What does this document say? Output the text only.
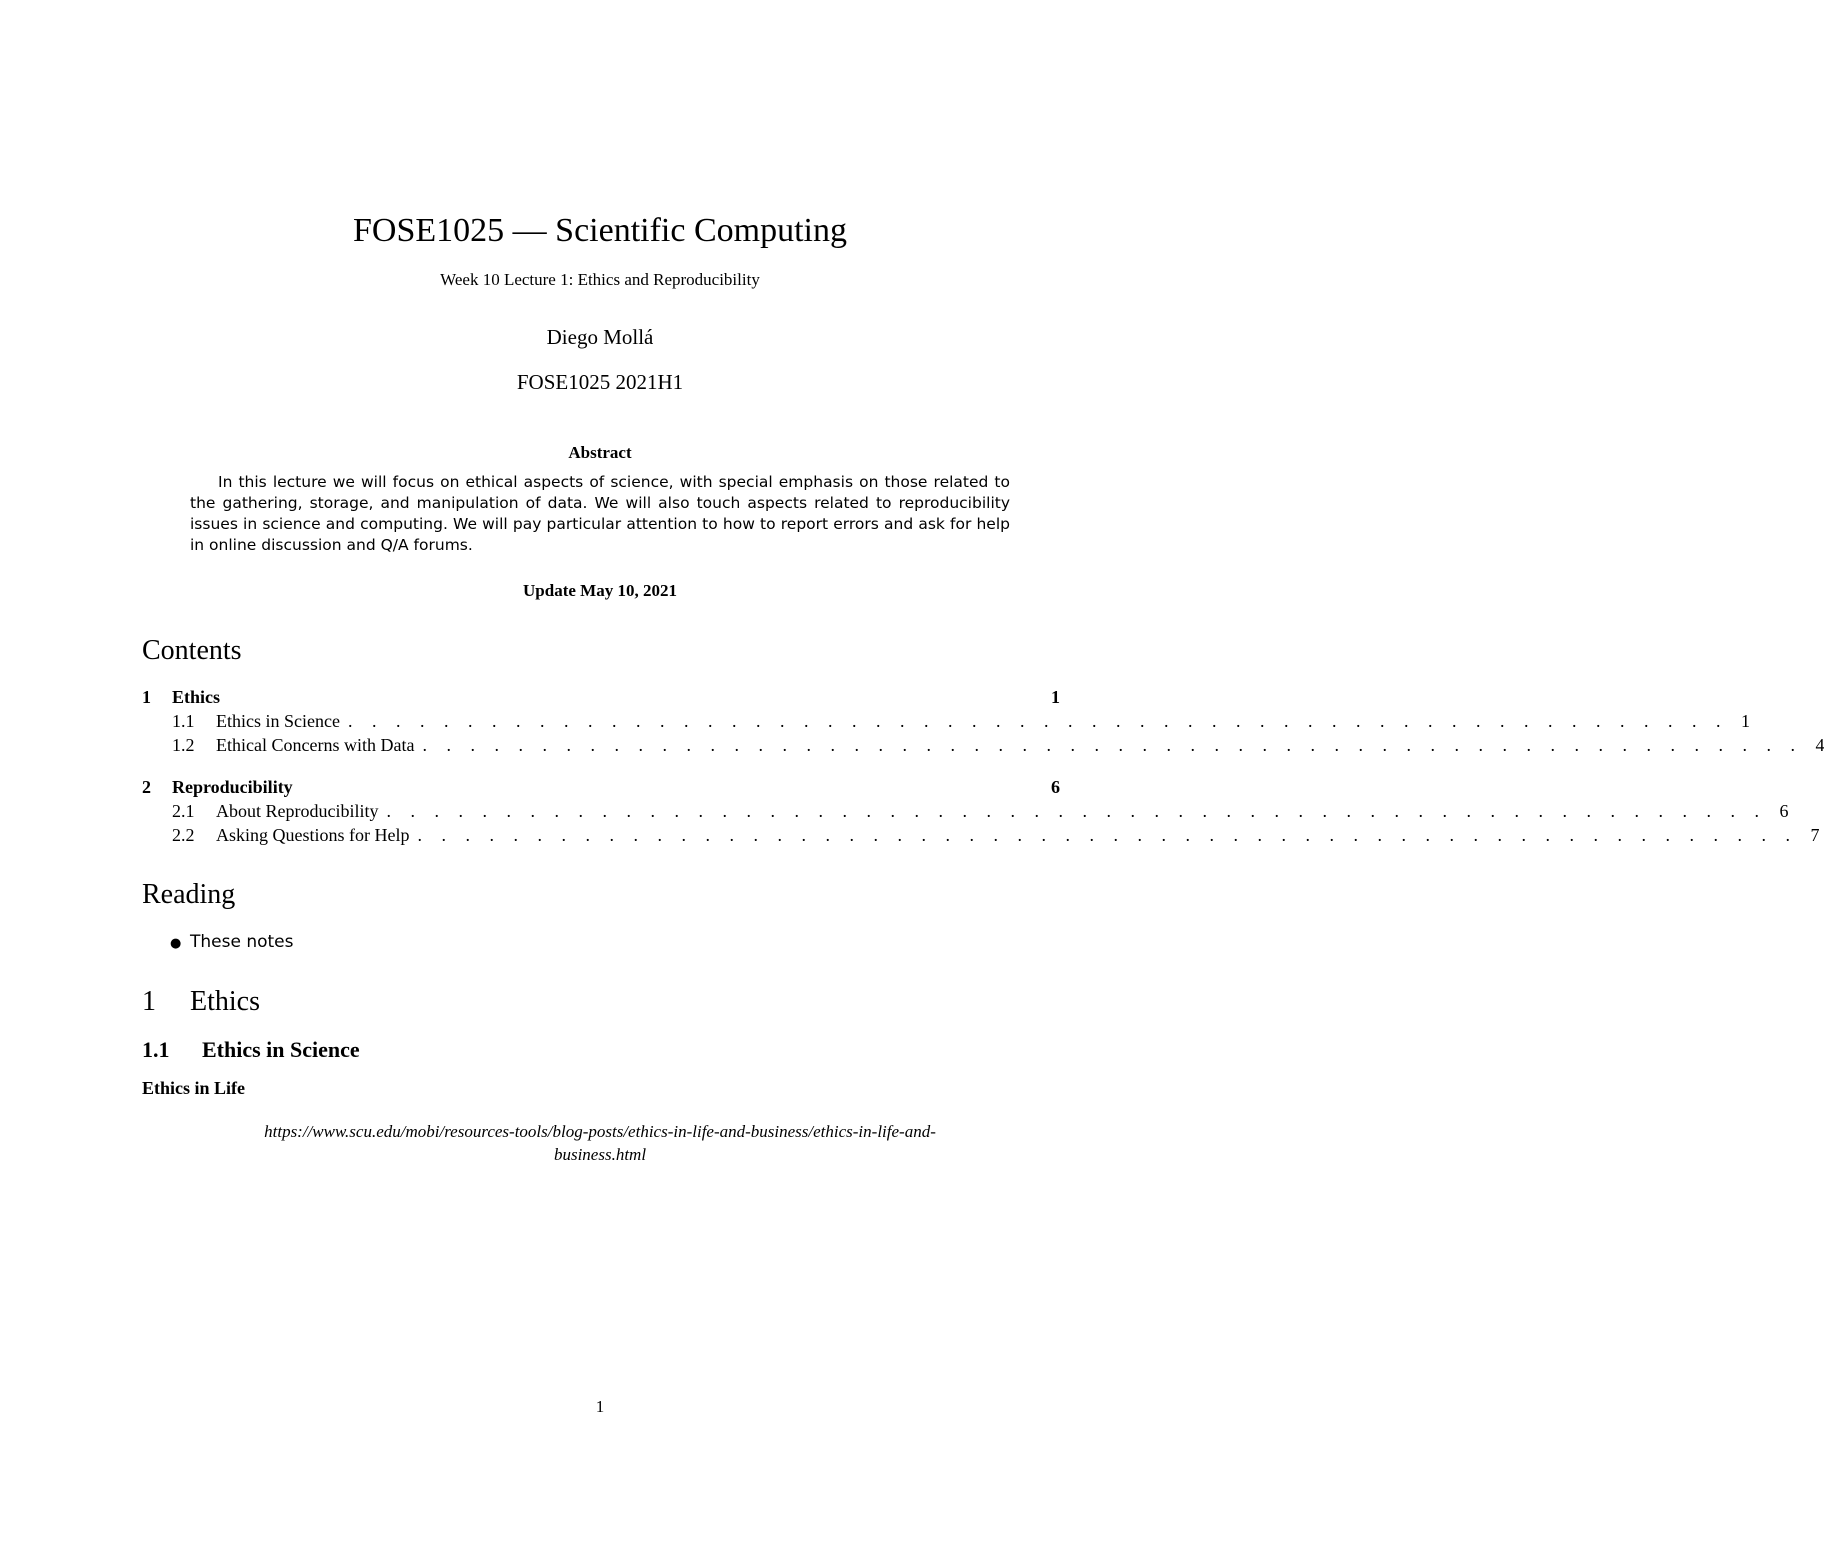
FOSE1025 — Scientific Computing
Week 10 Lecture 1: Ethics and Reproducibility
Diego Mollá
FOSE1025 2021H1
Abstract
In this lecture we will focus on ethical aspects of science, with special emphasis on those related to the gathering, storage, and manipulation of data. We will also touch aspects related to reproducibility issues in science and computing. We will pay particular attention to how to report errors and ask for help in online discussion and Q/A forums.
Update May 10, 2021
Contents
1	Ethics	1
1.1	Ethics in Science . . . . . . . . . . . . . . . . . . . . . . . . . . . . . . . . . . . . . . . . . . . . . . . . . . . . . . . . . . 1
1.2	Ethical Concerns with Data . . . . . . . . . . . . . . . . . . . . . . . . . . . . . . . . . . . . . . . . . . . . . . . . . . . . . . . . . . 4
2	Reproducibility	6
2.1	About Reproducibility . . . . . . . . . . . . . . . . . . . . . . . . . . . . . . . . . . . . . . . . . . . . . . . . . . . . . . . . . . 6
2.2	Asking Questions for Help . . . . . . . . . . . . . . . . . . . . . . . . . . . . . . . . . . . . . . . . . . . . . . . . . . . . . . . . . . 7
Reading
● These notes
1 Ethics
1.1 Ethics in Science
Ethics in Life
https://www.scu.edu/mobi/resources-tools/blog-posts/ethics-in-life-and-business/ethics-in-life-and-
business.html
1
